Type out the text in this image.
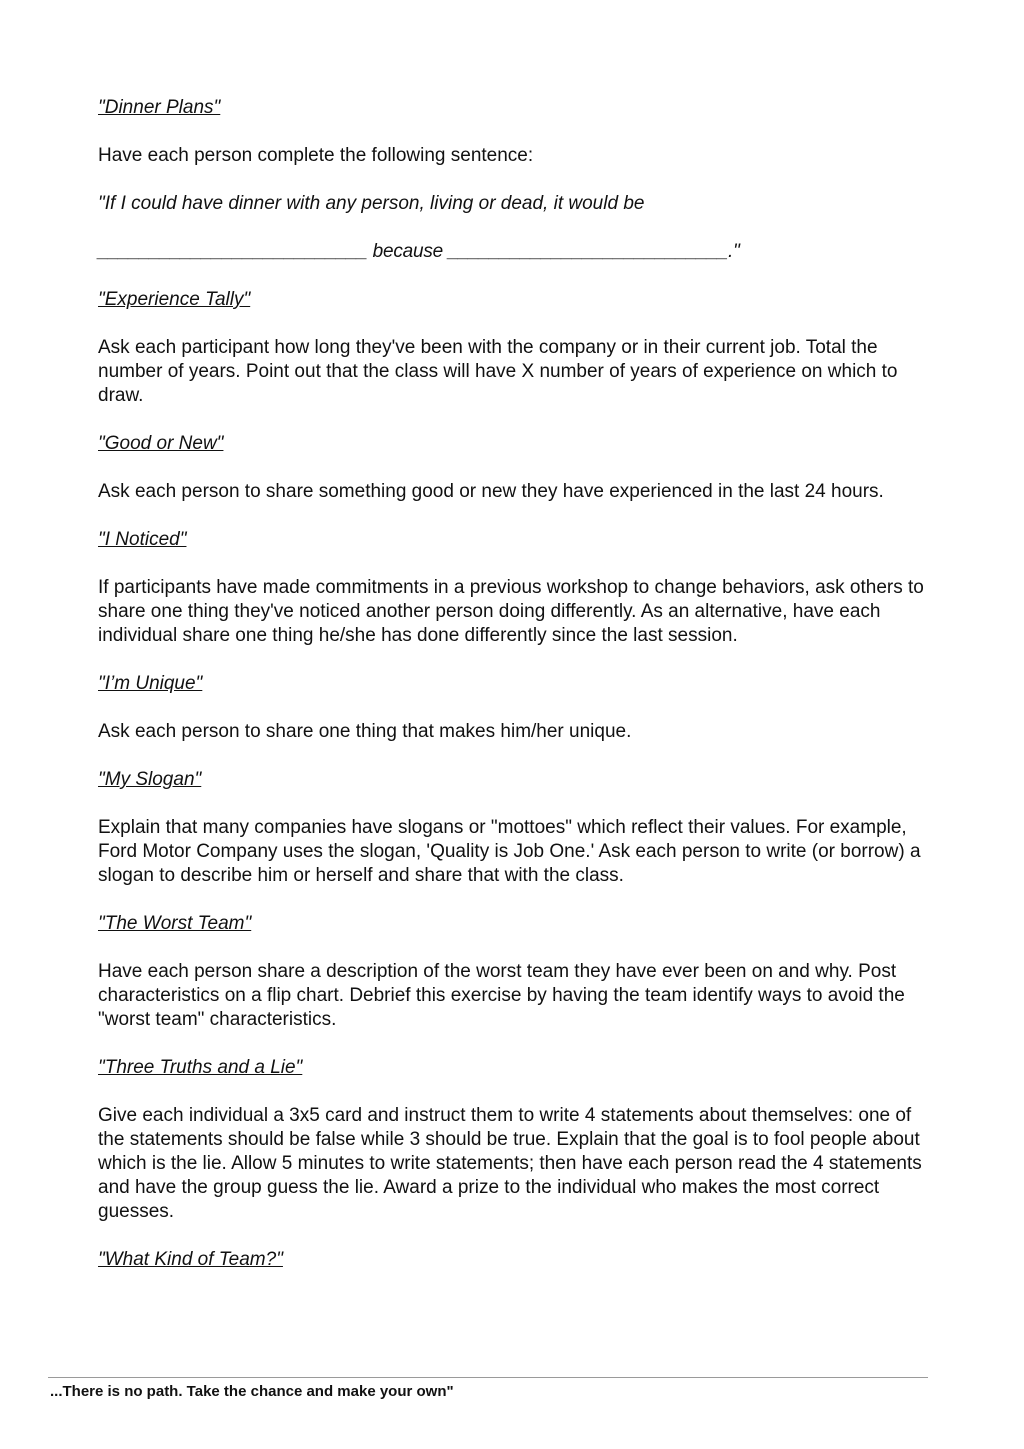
"Dinner Plans"
Have each person complete the following sentence:
"If I could have dinner with any person, living or dead, it would be
__________________________ because ___________________________."
"Experience Tally"
Ask each participant how long they've been with the company or in their current job. Total the number of years. Point out that the class will have X number of years of experience on which to draw.
"Good or New"
Ask each person to share something good or new they have experienced in the last 24 hours.
"I Noticed"
If participants have made commitments in a previous workshop to change behaviors, ask others to share one thing they've noticed another person doing differently. As an alternative, have each individual share one thing he/she has done differently since the last session.
"I’m Unique"
Ask each person to share one thing that makes him/her unique.
"My Slogan"
Explain that many companies have slogans or "mottoes" which reflect their values. For example, Ford Motor Company uses the slogan, 'Quality is Job One.' Ask each person to write (or borrow) a slogan to describe him or herself and share that with the class.
"The Worst Team"
Have each person share a description of the worst team they have ever been on and why. Post characteristics on a flip chart. Debrief this exercise by having the team identify ways to avoid the "worst team" characteristics.
"Three Truths and a Lie"
Give each individual a 3x5 card and instruct them to write 4 statements about themselves: one of the statements should be false while 3 should be true. Explain that the goal is to fool people about which is the lie. Allow 5 minutes to write statements; then have each person read the 4 statements and have the group guess the lie. Award a prize to the individual who makes the most correct guesses.
"What Kind of Team?"
...There is no path. Take the chance and make your own"
